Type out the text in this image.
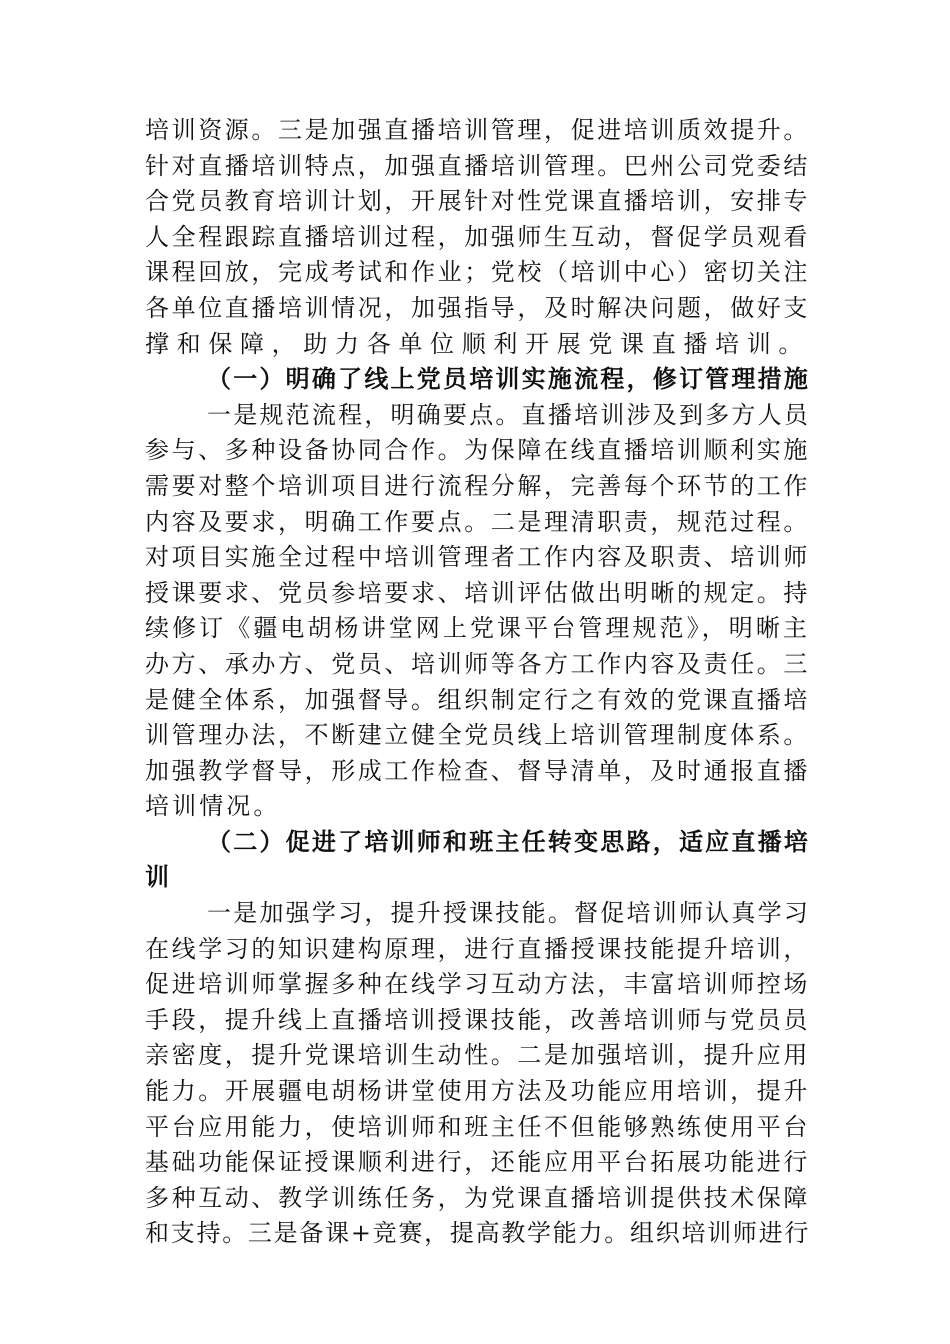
培训资源。三是加强直播培训管理，促进培训质效提升。
针对直播培训特点，加强直播培训管理。巴州公司党委结
合党员教育培训计划，开展针对性党课直播培训，安排专
人全程跟踪直播培训过程，加强师生互动，督促学员观看
课程回放，完成考试和作业；党校（培训中心）密切关注
各单位直播培训情况，加强指导，及时解决问题，做好支
撑和保障，助力各单位顺利开展党课直播培训。
（一）明确了线上党员培训实施流程，修订管理措施
一是规范流程，明确要点。直播培训涉及到多方人员
参与、多种设备协同合作。为保障在线直播培训顺利实施
需要对整个培训项目进行流程分解，完善每个环节的工作
内容及要求，明确工作要点。二是理清职责，规范过程。
对项目实施全过程中培训管理者工作内容及职责、培训师
授课要求、党员参培要求、培训评估做出明晰的规定。持
续修订《疆电胡杨讲堂网上党课平台管理规范》，明晰主
办方、承办方、党员、培训师等各方工作内容及责任。三
是健全体系，加强督导。组织制定行之有效的党课直播培
训管理办法，不断建立健全党员线上培训管理制度体系。
加强教学督导，形成工作检查、督导清单，及时通报直播
培训情况。
（二）促进了培训师和班主任转变思路，适应直播培
训
一是加强学习，提升授课技能。督促培训师认真学习
在线学习的知识建构原理，进行直播授课技能提升培训，
促进培训师掌握多种在线学习互动方法，丰富培训师控场
手段，提升线上直播培训授课技能，改善培训师与党员员
亲密度，提升党课培训生动性。二是加强培训，提升应用
能力。开展疆电胡杨讲堂使用方法及功能应用培训，提升
平台应用能力，使培训师和班主任不但能够熟练使用平台
基础功能保证授课顺利进行，还能应用平台拓展功能进行
多种互动、教学训练任务，为党课直播培训提供技术保障
和支持。三是备课+竞赛，提高教学能力。组织培训师进行
